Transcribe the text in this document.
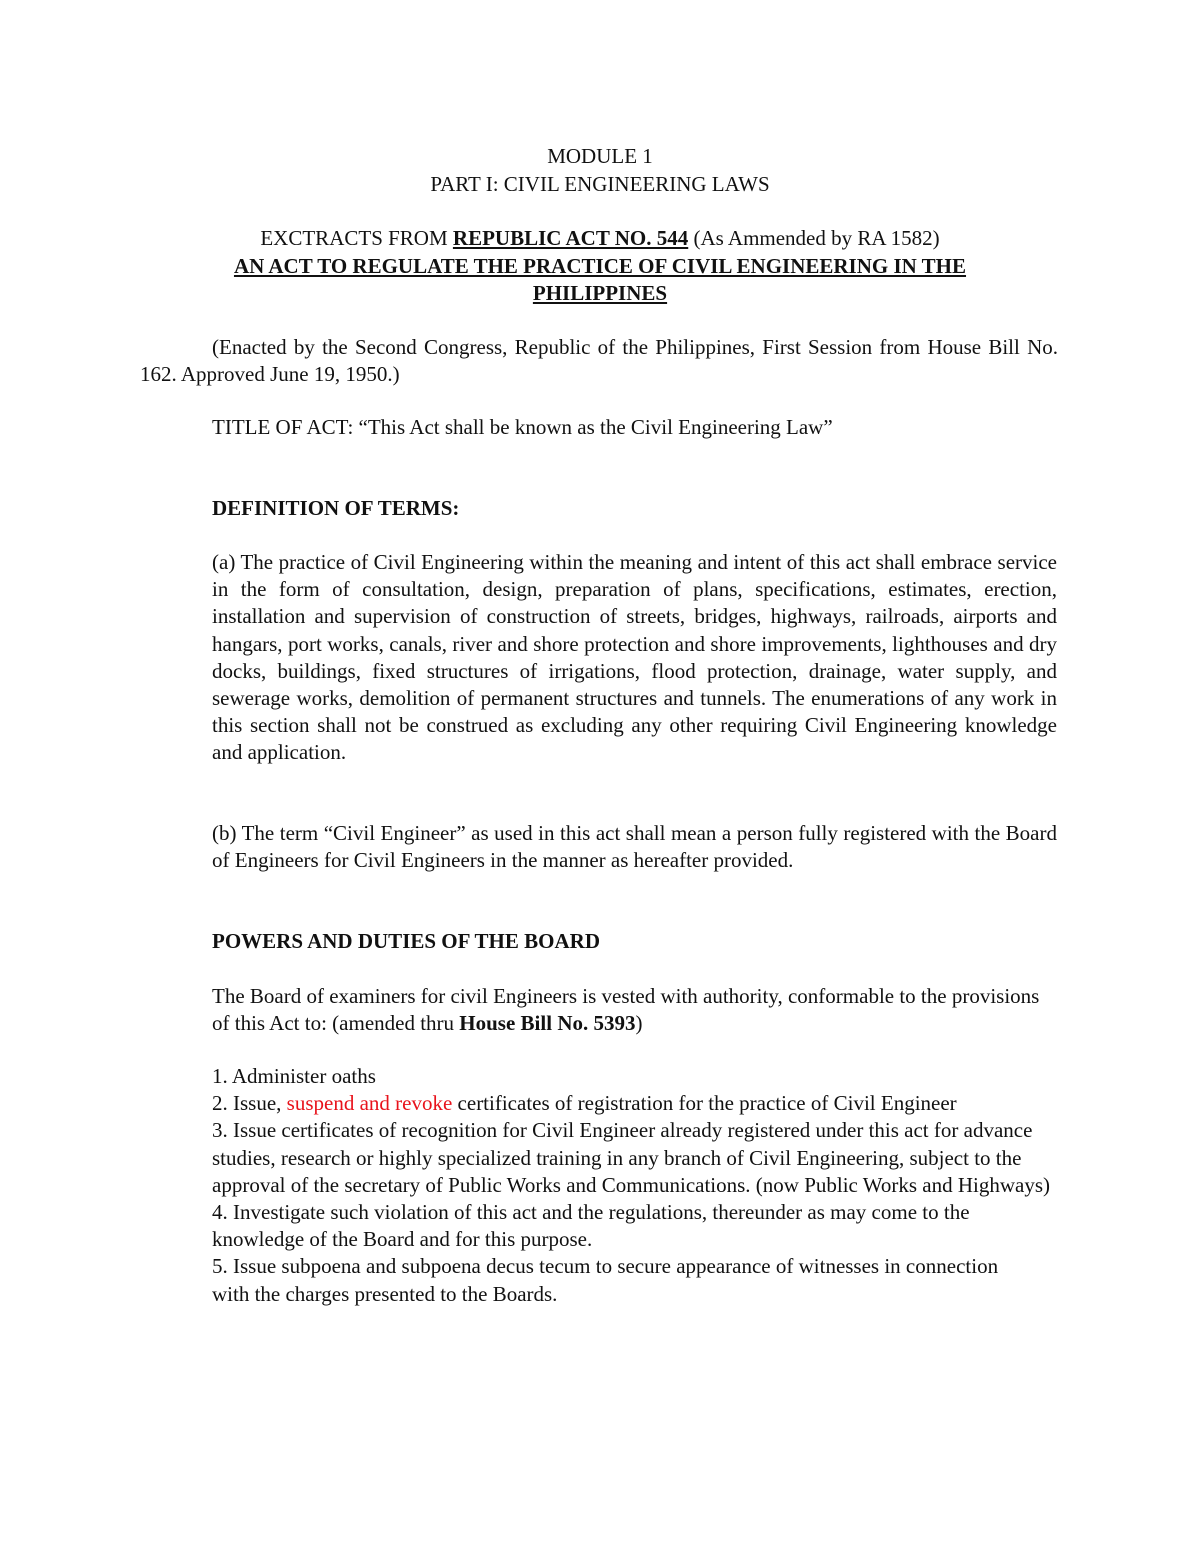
MODULE 1
PART I: CIVIL ENGINEERING LAWS
EXCTRACTS FROM REPUBLIC ACT NO. 544 (As Ammended by RA 1582)
AN ACT TO REGULATE THE PRACTICE OF CIVIL ENGINEERING IN THE
PHILIPPINES
(Enacted by the Second Congress, Republic of the Philippines, First Session from House Bill No. 162. Approved June 19, 1950.)
TITLE OF ACT: “This Act shall be known as the Civil Engineering Law”
DEFINITION OF TERMS:
(a) The practice of Civil Engineering within the meaning and intent of this act shall embrace service in the form of consultation, design, preparation of plans, specifications, estimates, erection, installation and supervision of construction of streets, bridges, highways, railroads, airports and hangars, port works, canals, river and shore protection and shore improvements, lighthouses and dry docks, buildings, fixed structures of irrigations, flood protection, drainage, water supply, and sewerage works, demolition of permanent structures and tunnels. The enumerations of any work in this section shall not be construed as excluding any other requiring Civil Engineering knowledge and application.
(b) The term “Civil Engineer” as used in this act shall mean a person fully registered with the Board of Engineers for Civil Engineers in the manner as hereafter provided.
POWERS AND DUTIES OF THE BOARD
The Board of examiners for civil Engineers is vested with authority, conformable to the provisions of this Act to: (amended thru House Bill No. 5393)
1. Administer oaths
2. Issue, suspend and revoke certificates of registration for the practice of Civil Engineer
3. Issue certificates of recognition for Civil Engineer already registered under this act for advance studies, research or highly specialized training in any branch of Civil Engineering, subject to the approval of the secretary of Public Works and Communications. (now Public Works and Highways)
4. Investigate such violation of this act and the regulations, thereunder as may come to the knowledge of the Board and for this purpose.
5. Issue subpoena and subpoena decus tecum to secure appearance of witnesses in connection with the charges presented to the Boards.
